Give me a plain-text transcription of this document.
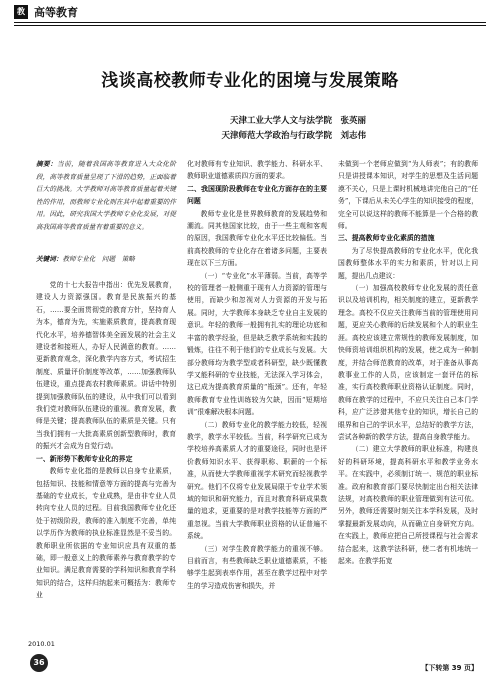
教 高等教育
浅谈高校教师专业化的困境与发展策略
天津工业大学人文与法学院　张英丽
天津师范大学政治与行政学院　刘志伟
摘要：当前，随着我国高等教育进入大众化阶段，高等教育质量呈现了下滑的趋势，正面临着巨大的挑战。大学教师对高等教育质量起着关键性的作用，而教师专业化则在其中起着重要的作用。因此，研究我国大学教师专业化发展，对提高我国高等教育质量有着重要的意义。
关键词：教师专业化　问题　策略

党的十七大报告中指出：优先发展教育，建设人力资源强国。教育是民族振兴的基石，……要全面贯彻党的教育方针，坚持育人为本，德育为先，实施素质教育，提高教育现代化水平，培养德智体美全面发展的社会主义建设者和接班人，办好人民满意的教育。……更新教育观念，深化教学内容方式，考试招生制度、质量评价制度等改革，……加强教师队伍建设，重点提高农村教师素质。讲话中特别提到加强教师队伍的建设，从中我们可以看到我们党对教师队伍建设的重视。教育发展，教师是关键；提高教师队伍的素质是关键。只有当我们拥有一大批高素质创新型教师时，教育的振兴才会成为自觉行动。

一、新形势下教师专业化的界定

教师专业化指的是教师以自身专业素质，包括知识、技能和情意等方面的提高与完善为基础的专业成长，专业成熟，是由非专业人员转向专业人员的过程。目前我国教师专业化还处于初级阶段，教师的准入制度不完善，单纯以学历作为教师的执业标准显然是不妥当的。教师职业所依据的专业知识应具有双重的基础，即一般意义上的教师素养与教育教学的专业知识。满足教育需要的学科知识和教育学科知识的结合，这样归纳起来可概括为：教师专业

化对教师有专业知识、教学能力、科研水平、教师职业道德素质四方面的要求。

二、我国现阶段教师在专业化方面存在的主要问题

教师专业化是世界教师教育的发展趋势和潮流。同其他国家比较，由于一些主观和客观的原因，我国教师专业化水平还比较偏低。当前高校教师的专业化存在着诸多问题，主要表现在以下三方面。

（一）“专业化”水平薄弱。当前，高等学校的管理者一般侧重于现有人力资源的管理与使用，而缺少和忽视对人力资源的开发与拓展。同时，大学教师本身缺乏专业自主发展的意识。年轻的教师一般拥有扎实的理论功底和丰富的教学经验，但是缺乏教学系统和实践的锻炼，往往不利于他们的专业成长与发展。大部分教师均为教学型或者科研型，缺少既懂教学又能科研的专业技能，无法深入学习体会，这已成为提高教育质量的“瓶颈”。还有，年轻教师教育专业性训练较为欠缺，因而“短期培训”很难解决根本问题。

（二）教师专业化的教学能力较低，轻视教学，教学水平较低。当前，科学研究已成为学校培养高素质人才的重要途径，同时也是评价教师知识水平、获得职称、职薪的一个标准，从而使大学教师重视学术研究而轻视教学研究。他们不仅将专业发展局限于专业学术领域的知识和研究能力，而且对教育科研成果数量的追求，更重要的是对教学技能等方面的严重忽视。当前大学教师职业资格的认证普遍不系统。

（三）对学生教育教学能力的重视不够。目前而言，有些教师缺乏职业道德素质，不能够学生起到表率作用，甚至在教学过程中对学生的学习造成伤害和损失，并

未做到一个老师应做到“为人师表”；有的教师只是讲授课本知识，对学生的思想及生活问题漠不关心，只是上课时机械地讲完他自己的“任务”，下课后从未关心学生的知识接受的程度，完全可以说这样的教师不能算是一个合格的教师。

三、提高教师专业化素质的措施

为了尽快提高教师的专业化水平，优化我国教师整体水平的实力和素质，针对以上问题，提出几点建议：

（一）加强高校教师专业化发展的责任意识以及培训机构，相关制度的建立，更新教学理念。高校不仅应关注教师当前的管理使用问题，更应关心教师的后续发展和个人的职业生涯。高校应该建立常规性的教师发展制度，加快师资培训组织机构的发展，使之成为一种制度，并结合师范教育的改革，对于准备从事高教事业工作的人员，应该制定一套评估的标准，实行高校教师职业资格认证制度。同时，教师在教学的过程中，不应只关注自己本门学科，应广泛涉猎其他专业的知识，增长自己的眼界和自己的学识水平，总结好的教学方法，尝试各种新的教学方法，提高自身教学能力。

（二）建立大学教师的职业标准，构建良好的科研环境，提高科研水平和教学业务水平。在实践中，必须制订统一、规范的职业标准。政府和教育部门要尽快制定出台相关法律法规，对高校教师的职业管理做到有法可依。另外，教师还需要时刻关注本学科发展，及时掌握最新发展动向，从而确立自身研究方向。在实践上，教师应把自己所授课程与社会需求结合起来，这教学法科研，使二者有机地统一起来。在教学拓宽

【下转第 39 页】
2010.01
36
